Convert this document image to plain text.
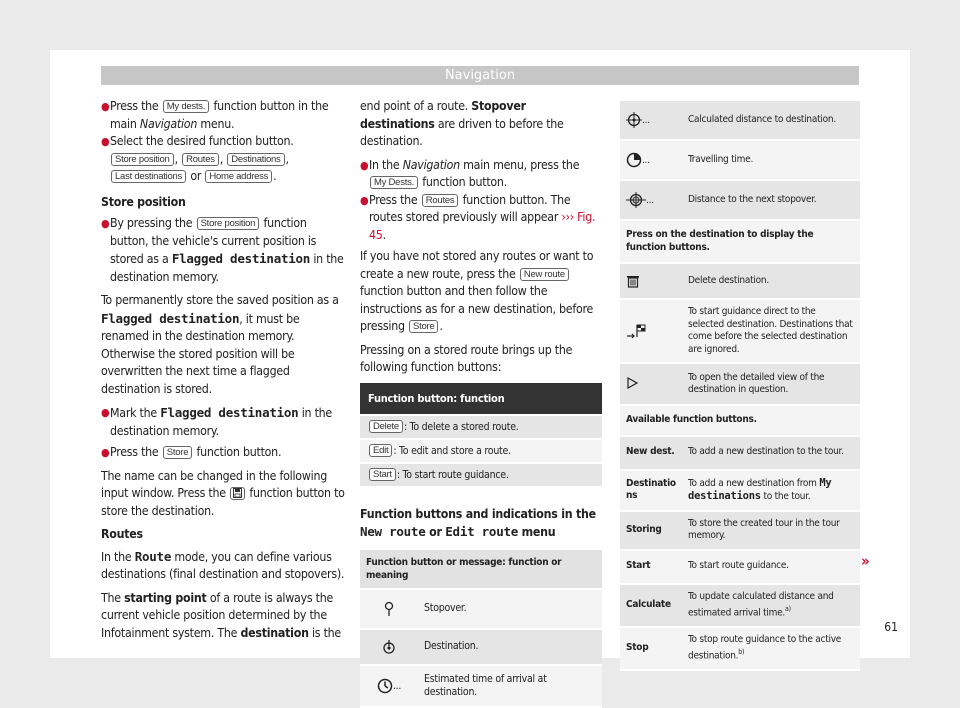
Navigation
● Press the My dests. function button in the main Navigation menu.
● Select the desired function button.
Store position , Routes , Destinations ,
Last destinations or Home address .
Store position
● By pressing the Store position function button, the vehicle's current position is stored as a Flagged destination in the destination memory.

To permanently store the saved position as a Flagged destination, it must be renamed in the destination memory. Otherwise the stored position will be overwritten the next time a flagged destination is stored.

● Mark the Flagged destination in the destination memory.
● Press the Store function button.

The name can be changed in the following input window. Press the function button to store the destination.

Routes

In the Route mode, you can define various destinations (final destination and stopovers).

The starting point of a route is always the current vehicle position determined by the Infotainment system. The destination is the

end point of a route. Stopover destinations are driven to before the destination.

● In the Navigation main menu, press the My Dests. function button.
● Press the Routes function button. The routes stored previously will appear ››› Fig. 45.

If you have not stored any routes or want to create a new route, press the New route function button and then follow the instructions as for a new destination, before pressing Store .

Pressing on a stored route brings up the following function buttons:

Function button: function
Delete : To delete a stored route.
Edit : To edit and store a route.
Start : To start route guidance.
Function buttons and indications in the New route or Edit route menu
Function button or message: function or meaning	
	Stopover.
	Destination.
...	Estimated time of arrival at destination.
...	Calculated distance to destination.
...	Travelling time.
...	Distance to the next stopover.
Press on the destination to display the function buttons.	
	Delete destination.
	To start guidance direct to the selected destination. Destinations that come before the selected destination are ignored.
	To open the detailed view of the destination in question.
Available function buttons.	
New dest.	To add a new destination to the tour.
Destinations	To add a new destination from My destinations to the tour.
Storing	To store the created tour in the tour memory.
Start	To start route guidance.
Calculate	To update calculated distance and estimated arrival time.$^{a)}$
Stop	To stop route guidance to the active destination.$^{b)}$
»
61
